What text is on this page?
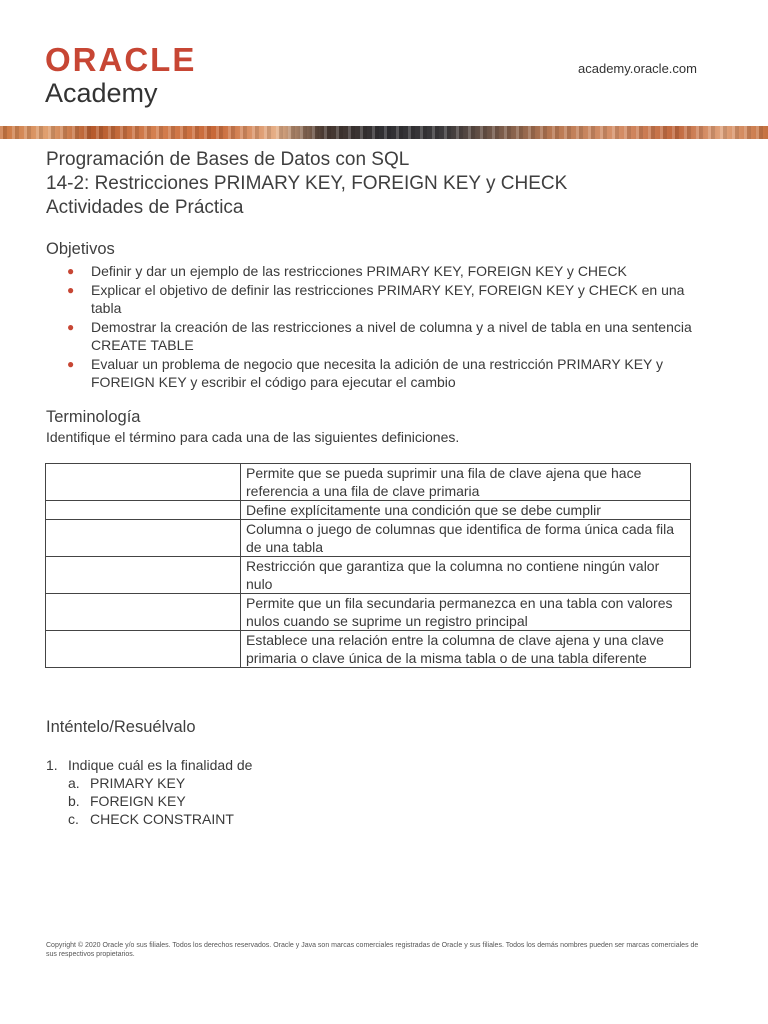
ORACLE
Academy
academy.oracle.com
Programación de Bases de Datos con SQL
14-2: Restricciones PRIMARY KEY, FOREIGN KEY y CHECK
Actividades de Práctica
Objetivos
● Definir y dar un ejemplo de las restricciones PRIMARY KEY, FOREIGN KEY y CHECK
● Explicar el objetivo de definir las restricciones PRIMARY KEY, FOREIGN KEY y CHECK en una tabla
● Demostrar la creación de las restricciones a nivel de columna y a nivel de tabla en una sentencia CREATE TABLE
● Evaluar un problema de negocio que necesita la adición de una restricción PRIMARY KEY y FOREIGN KEY y escribir el código para ejecutar el cambio
Terminología
Identifique el término para cada una de las siguientes definiciones.
	Permite que se pueda suprimir una fila de clave ajena que hace referencia a una fila de clave primaria
	Define explícitamente una condición que se debe cumplir
	Columna o juego de columnas que identifica de forma única cada fila de una tabla
	Restricción que garantiza que la columna no contiene ningún valor nulo
	Permite que un fila secundaria permanezca en una tabla con valores nulos cuando se suprime un registro principal
	Establece una relación entre la columna de clave ajena y una clave primaria o clave única de la misma tabla o de una tabla diferente
Inténtelo/Resuélvalo
1. Indique cuál es la finalidad de
a. PRIMARY KEY
b. FOREIGN KEY
c. CHECK CONSTRAINT
Copyright © 2020 Oracle y/o sus filiales. Todos los derechos reservados. Oracle y Java son marcas comerciales registradas de Oracle y sus filiales. Todos los demás nombres pueden ser marcas comerciales de sus respectivos propietarios.
